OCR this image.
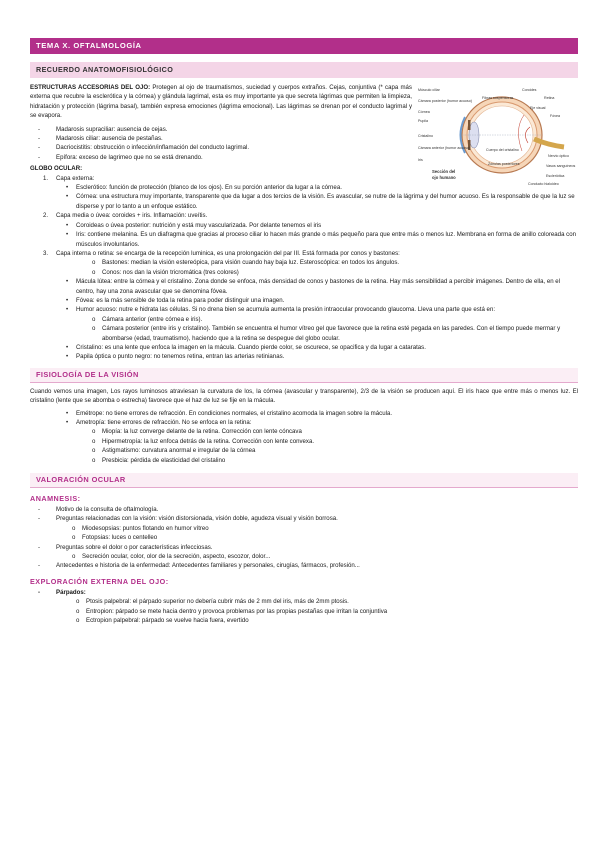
TEMA X. OFTALMOLOGÍA
RECUERDO ANATOMOFISIOLÓGICO
ESTRUCTURAS ACCESORIAS DEL OJO: Protegen al ojo de traumatismos, suciedad y cuerpos extraños. Cejas, conjuntiva (* capa más externa que recubre la esclerótica y la córnea) y glándula lagrimal, esta es muy importante ya que secreta lágrimas que permiten la limpieza, hidratación y protección (lágrima basal), también expresa emociones (lágrima emocional). Las lágrimas se drenan por el conducto lagrimal y se evapora.
Músculo ciliar
Cámara posterior (humor acuoso)
Córnea
Pupila
Cristalino
Cámara anterior (humor acuoso)
Iris
Fibras suspensoras
Coroides
Retina
Eje visual
Fóvea
Nervio óptico
Vasos sanguíneos
Cuerpo del cristalino
Zónulas posteriores
Escleriótica
Conducto hialoideo
Sección del
ojo humano
-	Madarosis supraciliar: ausencia de cejas.
-	Madarosis ciliar: ausencia de pestañas.
-	Dacriocistitis: obstrucción o infección/inflamación del conducto lagrimal.
-	Epífora: exceso de lagrimeo que no se está drenando.
GLOBO OCULAR:
1.	Capa externa:
•	Esclerótico: función de protección (blanco de los ojos). En su porción anterior da lugar a la córnea.
•	Córnea: una estructura muy importante, transparente que da lugar a dos tercios de la visión. Es avascular, se nutre de la lágrima y del humor acuoso. Es la responsable de que la luz se disperse y por lo tanto a un enfoque estático.
2.	Capa media o úvea: coroides + iris. Inflamación: uveítis.
•	Coroideas o úvea posterior: nutrición y está muy vascularizada. Por delante tenemos el iris
•	Iris: contiene melanina. Es un diafragma que gracias al proceso ciliar lo hacen más grande o más pequeño para que entre más o menos luz. Membrana en forma de anillo coloreada con músculos involuntarios.
3.	Capa interna o retina: se encarga de la recepción luminica, es una prolongación del par III. Está formada por conos y bastones:
o	Bastones: median la visión estereópica, para visión cuando hay baja luz. Esteroscópica: en todos los ángulos.
o	Conos: nos dan la visión tricromática (tres colores)
•	Mácula lútea: entre la córnea y el cristalino. Zona donde se enfoca, más densidad de conos y bastones de la retina. Hay más sensibilidad a percibir imágenes. Dentro de ella, en el centro, hay una zona avascular que se denomina fóvea.
•	Fóvea: es la más sensible de toda la retina para poder distinguir una imagen.
•	Humor acuoso: nutre e hidrata las células. Si no drena bien se acumula aumenta la presión intraocular provocando glaucoma. Lleva una parte que está en:
o	Cámara anterior (entre córnea e iris).
o	Cámara posterior (entre iris y cristalino). También se encuentra el humor vítreo gel que favorece que la retina esté pegada en las paredes. Con el tiempo puede mermar y abombarse (edad, traumatismo), haciendo que a la retina se despegue del globo ocular.
•	Cristalino: es una lente que enfoca la imagen en la mácula. Cuando pierde color, se oscurece, se opacifica y da lugar a cataratas.
•	Papila óptica o punto negro: no tenemos retina, entran las arterias retinianas.
FISIOLOGÍA DE LA VISIÓN
Cuando vemos una imagen, Los rayos luminosos atraviesan la curvatura de los, la córnea (avascular y transparente), 2/3 de la visión se producen aquí. El iris hace que entre más o menos luz. El cristalino (lente que se abomba o estrecha) favorece que el haz de luz se fije en la mácula.
•	Emétrope: no tiene errores de refracción. En condiciones normales, el cristalino acomoda la imagen sobre la mácula.
•	Ametropía: tiene errores de refracción. No se enfoca en la retina:
o	Miopía: la luz converge delante de la retina. Corrección con lente cóncava
o	Hipermetropía: la luz enfoca detrás de la retina. Corrección con lente convexa.
o	Astigmatismo: curvatura anormal e irregular de la córnea
o	Presbicia: pérdida de elasticidad del cristalino
VALORACIÓN OCULAR
ANAMNESIS:
-	Motivo de la consulta de oftalmología.
-	Preguntas relacionadas con la visión: visión distorsionada, visión doble, agudeza visual y visión borrosa.
o	Miodesopsias: puntos flotando en humor vítreo
o	Fotopsias: luces o centelleo
-	Preguntas sobre el dolor o por características infecciosas.
o	Secreción ocular, color, olor de la secreción, aspecto, escozor, dolor...
-	Antecedentes e historia de la enfermedad: Antecedentes familiares y personales, cirugías, fármacos, profesión...
EXPLORACIÓN EXTERNA DEL OJO:
-	Párpados:
o	Ptosis palpebral: el párpado superior no debería cubrir más de 2 mm del iris, más de 2mm ptosis.
o	Entropion: párpado se mete hacia dentro y provoca problemas por las propias pestañas que irritan la conjuntiva
o	Ectropion palpebral: párpado se vuelve hacia fuera, evertido
